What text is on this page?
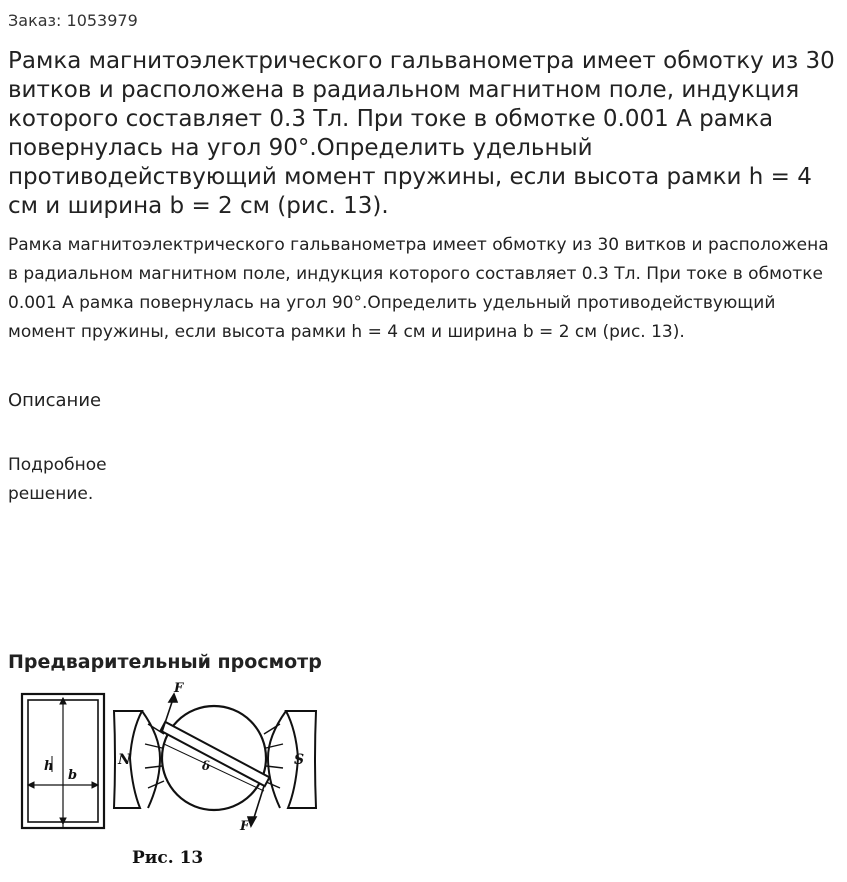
Заказ: 1053979
Рамка магнитоэлектрического гальванометра имеет обмотку из 30 витков и расположена в радиальном магнитном поле, индукция которого составляет 0.3 Тл. При токе в обмотке 0.001 А рамка повернулась на угол 90°.Определить удельный противодействующий момент пружины, если высота рамки h = 4 см и ширина b = 2 см (рис. 13).

Рамка магнитоэлектрического гальванометра имеет обмотку из 30 витков и расположена в радиальном магнитном поле, индукция которого составляет 0.3 Тл. При токе в обмотке 0.001 А рамка повернулась на угол 90°.Определить удельный противодействующий момент пружины, если высота рамки h = 4 см и ширина b = 2 см (рис. 13).

Описание
Подробное решение.
Предварительный просмотр
h
b
N	S
δ
F
F
Рис. 13
